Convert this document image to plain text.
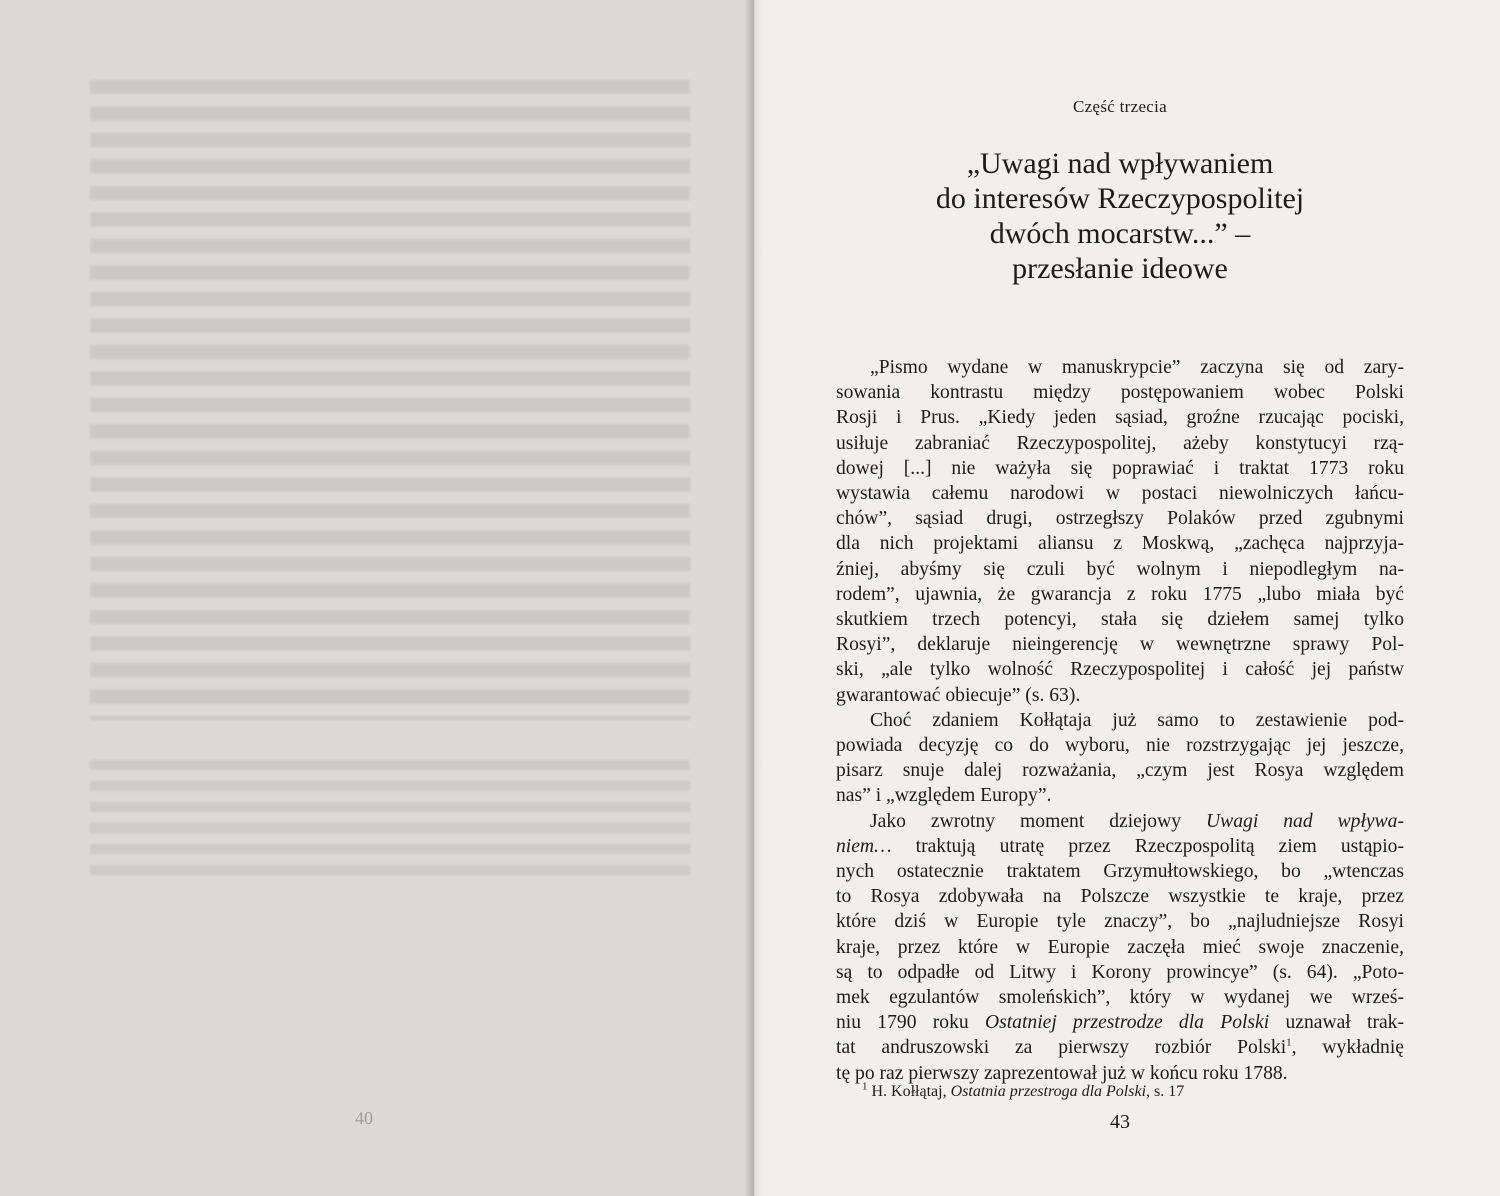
40
Część trzecia
„Uwagi nad wpływaniem
do interesów Rzeczypospolitej
dwóch mocarstw...” –
przesłanie ideowe
„Pismo wydane w manuskrypcie” zaczyna się od zary-
sowania kontrastu między postępowaniem wobec Polski
Rosji i Prus. „Kiedy jeden sąsiad, groźne rzucając pociski,
usiłuje zabraniać Rzeczypospolitej, ażeby konstytucyi rzą-
dowej [...] nie ważyła się poprawiać i traktat 1773 roku
wystawia całemu narodowi w postaci niewolniczych łańcu-
chów”, sąsiad drugi, ostrzegłszy Polaków przed zgubnymi
dla nich projektami aliansu z Moskwą, „zachęca najprzyja-
źniej, abyśmy się czuli być wolnym i niepodległym na-
rodem”, ujawnia, że gwarancja z roku 1775 „lubo miała być
skutkiem trzech potencyi, stała się dziełem samej tylko
Rosyi”, deklaruje nieingerencję w wewnętrzne sprawy Pol-
ski, „ale tylko wolność Rzeczypospolitej i całość jej państw
gwarantować obiecuje” (s. 63).
Choć zdaniem Kołłątaja już samo to zestawienie pod-
powiada decyzję co do wyboru, nie rozstrzygając jej jeszcze,
pisarz snuje dalej rozważania, „czym jest Rosya względem
nas” i „względem Europy”.
Jako zwrotny moment dziejowy Uwagi nad wpływa-
niem… traktują utratę przez Rzeczpospolitą ziem ustąpio-
nych ostatecznie traktatem Grzymułtowskiego, bo „wtenczas
to Rosya zdobywała na Polszcze wszystkie te kraje, przez
które dziś w Europie tyle znaczy”, bo „najludniejsze Rosyi
kraje, przez które w Europie zaczęła mieć swoje znaczenie,
są to odpadłe od Litwy i Korony prowincye” (s. 64). „Poto-
mek egzulantów smoleńskich”, który w wydanej we wrześ-
niu 1790 roku Ostatniej przestrodze dla Polski uznawał trak-
tat andruszowski za pierwszy rozbiór Polski$^1$, wykładnię
tę po raz pierwszy zaprezentował już w końcu roku 1788.
$^1$ H. Kołłątaj, Ostatnia przestroga dla Polski, s. 17
43
